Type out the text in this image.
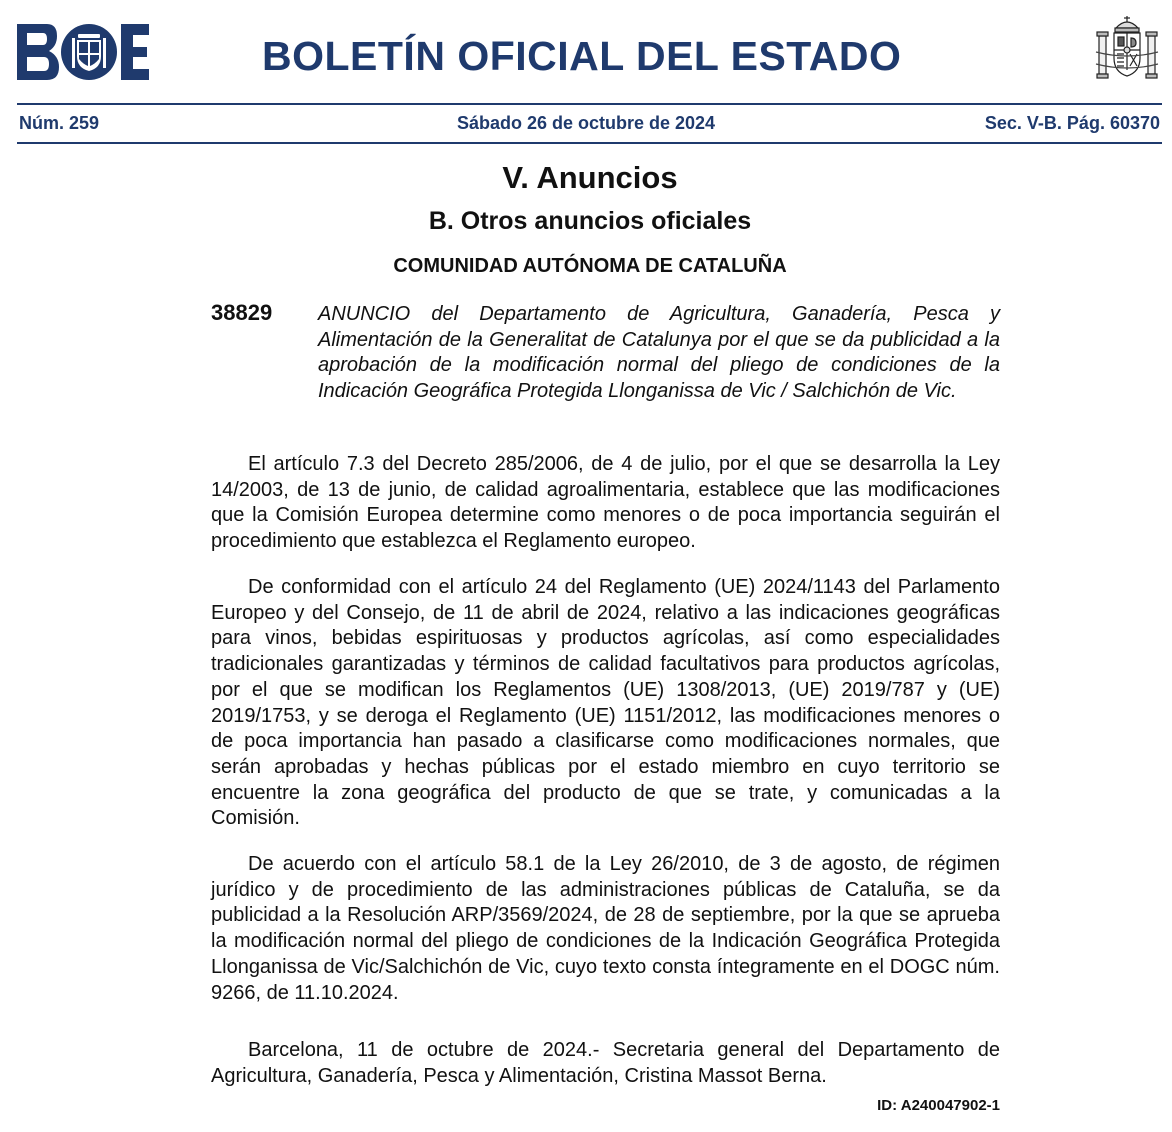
BOLETÍN OFICIAL DEL ESTADO
Núm. 259	Sábado 26 de octubre de 2024	Sec. V-B. Pág. 60370
V. Anuncios
B. Otros anuncios oficiales
COMUNIDAD AUTÓNOMA DE CATALUÑA
38829 ANUNCIO del Departamento de Agricultura, Ganadería, Pesca y Alimentación de la Generalitat de Catalunya por el que se da publicidad a la aprobación de la modificación normal del pliego de condiciones de la Indicación Geográfica Protegida Llonganissa de Vic / Salchichón de Vic.

El artículo 7.3 del Decreto 285/2006, de 4 de julio, por el que se desarrolla la Ley 14/2003, de 13 de junio, de calidad agroalimentaria, establece que las modificaciones que la Comisión Europea determine como menores o de poca importancia seguirán el procedimiento que establezca el Reglamento europeo.

De conformidad con el artículo 24 del Reglamento (UE) 2024/1143 del Parlamento Europeo y del Consejo, de 11 de abril de 2024, relativo a las indicaciones geográficas para vinos, bebidas espirituosas y productos agrícolas, así como especialidades tradicionales garantizadas y términos de calidad facultativos para productos agrícolas, por el que se modifican los Reglamentos (UE) 1308/2013, (UE) 2019/787 y (UE) 2019/1753, y se deroga el Reglamento (UE) 1151/2012, las modificaciones menores o de poca importancia han pasado a clasificarse como modificaciones normales, que serán aprobadas y hechas públicas por el estado miembro en cuyo territorio se encuentre la zona geográfica del producto de que se trate, y comunicadas a la Comisión.

De acuerdo con el artículo 58.1 de la Ley 26/2010, de 3 de agosto, de régimen jurídico y de procedimiento de las administraciones públicas de Cataluña, se da publicidad a la Resolución ARP/3569/2024, de 28 de septiembre, por la que se aprueba la modificación normal del pliego de condiciones de la Indicación Geográfica Protegida Llonganissa de Vic/Salchichón de Vic, cuyo texto consta íntegramente en el DOGC núm. 9266, de 11.10.2024.

Barcelona, 11 de octubre de 2024.- Secretaria general del Departamento de Agricultura, Ganadería, Pesca y Alimentación, Cristina Massot Berna.

ID: A240047902-1
